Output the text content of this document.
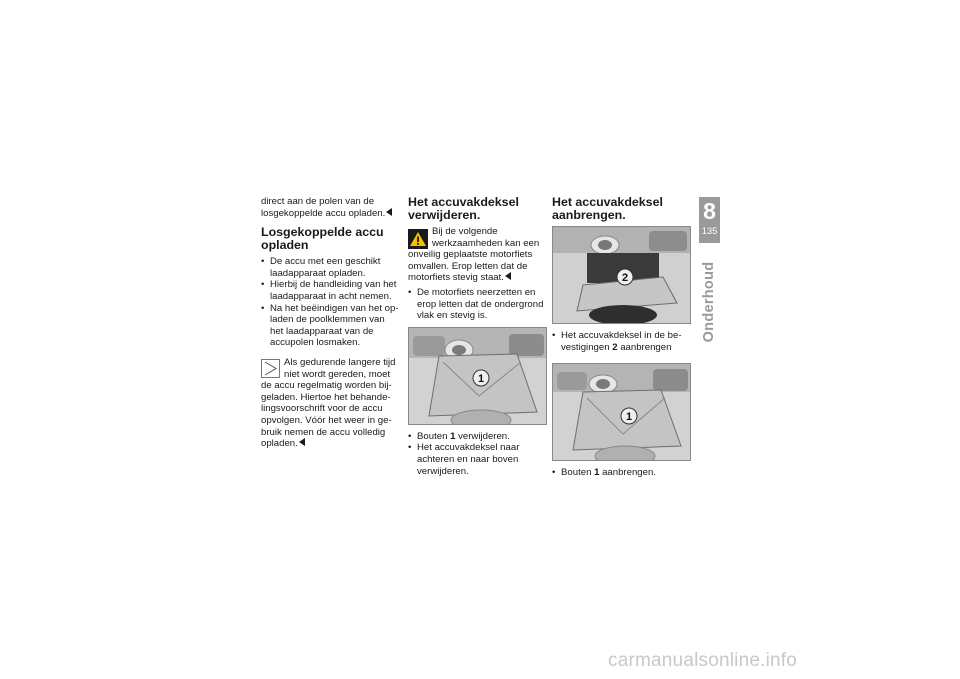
direct aan de polen van de losgekoppelde accu opladen.

Losgekoppelde accu opladen
• De accu met een geschikt laadapparaat opladen.
• Hierbij de handleiding van het laadapparaat in acht nemen.
• Na het beëindigen van het opladen de poolklemmen van het laadapparaat van de accupolen losmaken.
Als gedurende langere tijd niet wordt gereden, moet de accu regelmatig worden bijgeladen. Hiertoe het behandelingsvoorschrift voor de accu opvolgen. Vóór het weer in gebruik nemen de accu volledig opladen.
Het accuvakdeksel verwijderen.
Bij de volgende werkzaamheden kan een onveilig geplaatste motorfiets omvallen. Erop letten dat de motorfiets stevig staat.
• De motorfiets neerzetten en erop letten dat de ondergrond vlak en stevig is.
1
• Bouten 1 verwijderen.
• Het accuvakdeksel naar achteren en naar boven verwijderen.
Het accuvakdeksel aanbrengen.
2
• Het accuvakdeksel in de bevestigingen 2 aanbrengen
1
• Bouten 1 aanbrengen.
8
135
Onderhoud
carmanualsonline.info
